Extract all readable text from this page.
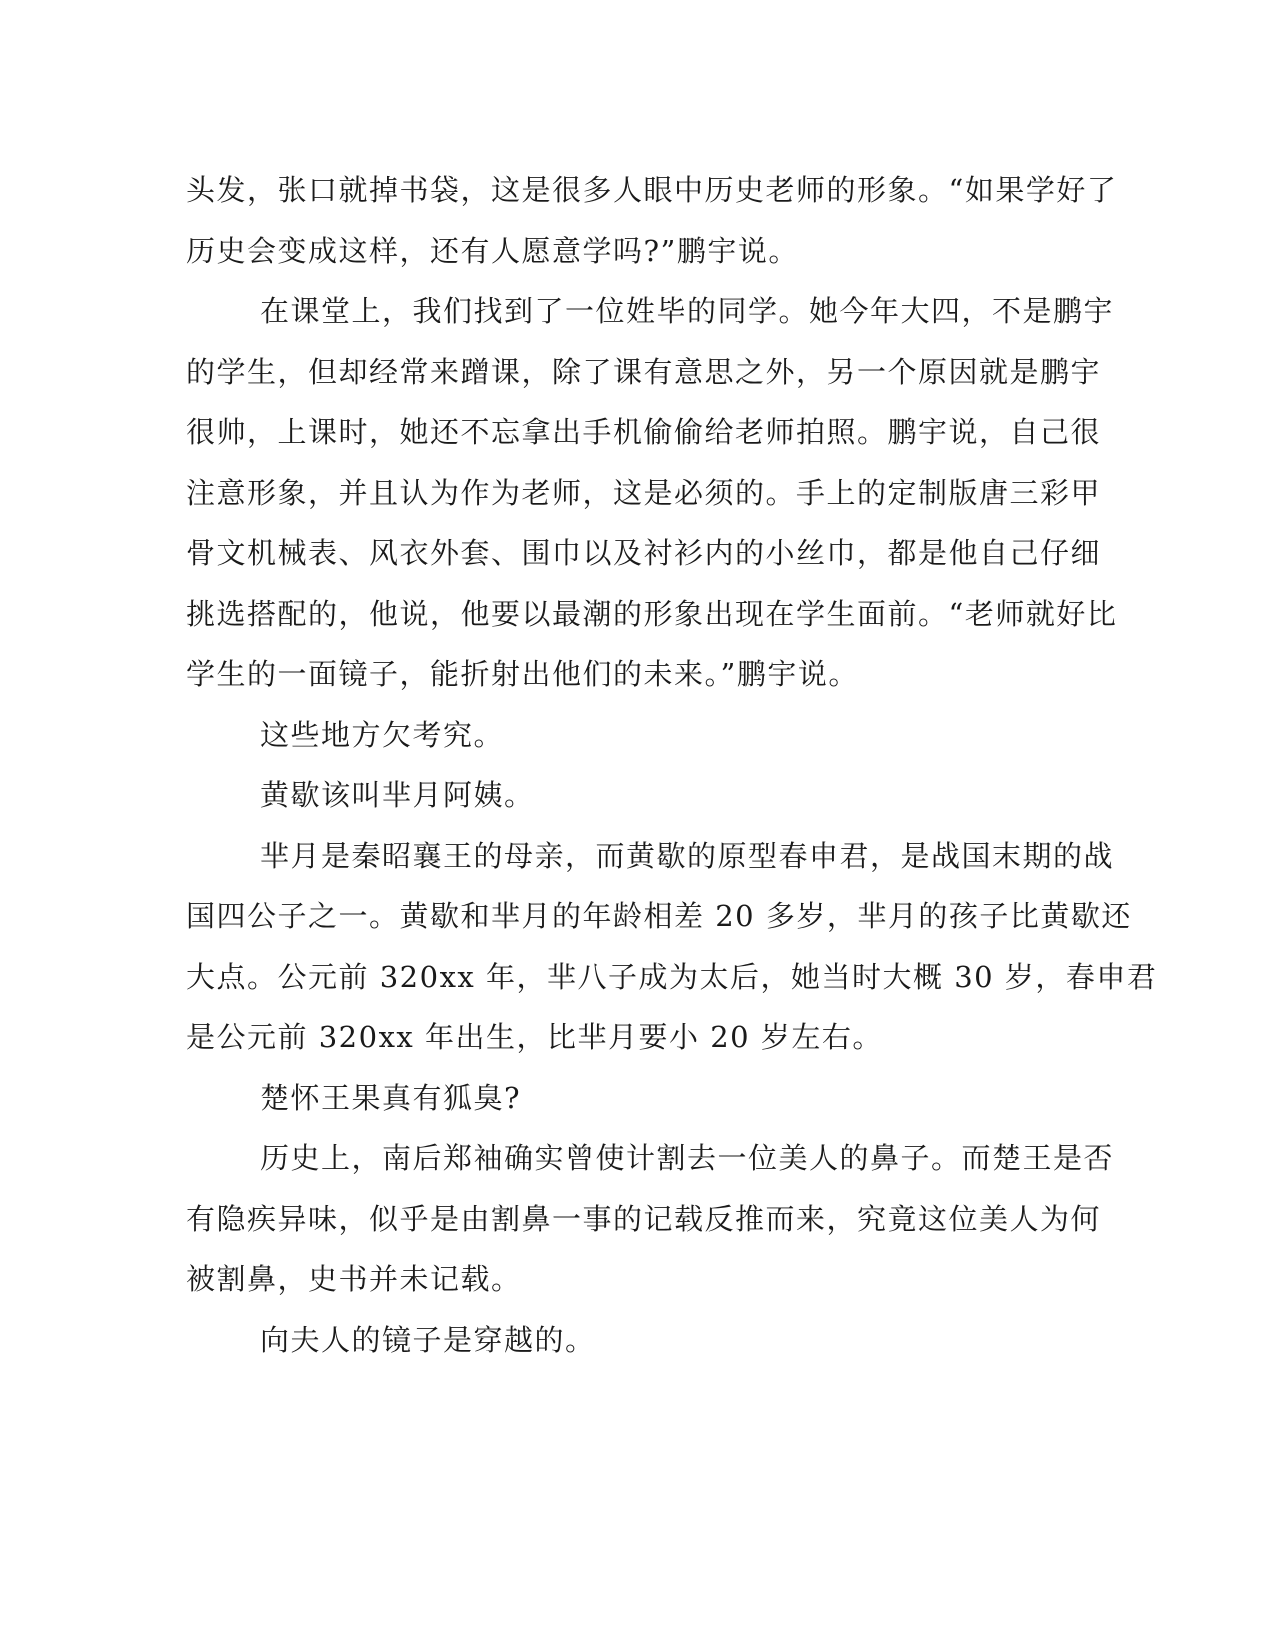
头发，张口就掉书袋，这是很多人眼中历史老师的形象。“如果学好了
历史会变成这样，还有人愿意学吗?”鹏宇说。
在课堂上，我们找到了一位姓毕的同学。她今年大四，不是鹏宇
的学生，但却经常来蹭课，除了课有意思之外，另一个原因就是鹏宇
很帅，上课时，她还不忘拿出手机偷偷给老师拍照。鹏宇说，自己很
注意形象，并且认为作为老师，这是必须的。手上的定制版唐三彩甲
骨文机械表、风衣外套、围巾以及衬衫内的小丝巾，都是他自己仔细
挑选搭配的，他说，他要以最潮的形象出现在学生面前。“老师就好比
学生的一面镜子，能折射出他们的未来。”鹏宇说。
这些地方欠考究。
黄歇该叫芈月阿姨。
芈月是秦昭襄王的母亲，而黄歇的原型春申君，是战国末期的战
国四公子之一。黄歇和芈月的年龄相差 20 多岁，芈月的孩子比黄歇还
大点。公元前 320xx 年，芈八子成为太后，她当时大概 30 岁，春申君
是公元前 320xx 年出生，比芈月要小 20 岁左右。
楚怀王果真有狐臭?
历史上，南后郑袖确实曾使计割去一位美人的鼻子。而楚王是否
有隐疾异味，似乎是由割鼻一事的记载反推而来，究竟这位美人为何
被割鼻，史书并未记载。
向夫人的镜子是穿越的。
